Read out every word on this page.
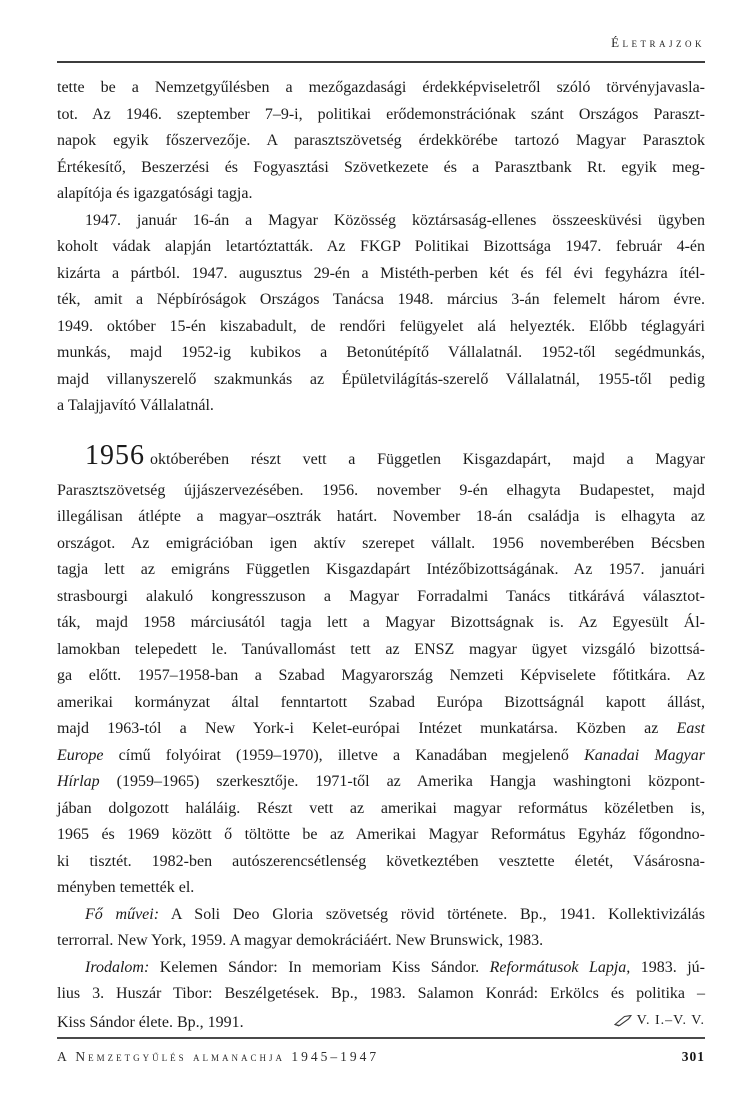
Életrajzok
tette be a Nemzetgyűlésben a mezőgazdasági érdekképviseletről szóló törvényjavasla-
tot. Az 1946. szeptember 7–9-i, politikai erődemonstrációnak szánt Országos Paraszt-
napok egyik főszervezője. A parasztszövetség érdekkörébe tartozó Magyar Parasztok
Értékesítő, Beszerzési és Fogyasztási Szövetkezete és a Parasztbank Rt. egyik meg-
alapítója és igazgatósági tagja.
1947. január 16-án a Magyar Közösség köztársaság-ellenes összeesküvési ügyben
koholt vádak alapján letartóztatták. Az FKGP Politikai Bizottsága 1947. február 4-én
kizárta a pártból. 1947. augusztus 29-én a Mistéth-perben két és fél évi fegyházra ítél-
ték, amit a Népbíróságok Országos Tanácsa 1948. március 3-án felemelt három évre.
1949. október 15-én kiszabadult, de rendőri felügyelet alá helyezték. Előbb téglagyári
munkás, majd 1952-ig kubikos a Betonútépítő Vállalatnál. 1952-től segédmunkás,
majd villanyszerelő szakmunkás az Épületvilágítás-szerelő Vállalatnál, 1955-től pedig
a Talajjavító Vállalatnál.
1956 októberében részt vett a Független Kisgazdapárt, majd a Magyar
Parasztszövetség újjászervezésében. 1956. november 9-én elhagyta Budapestet, majd
illegálisan átlépte a magyar–osztrák határt. November 18-án családja is elhagyta az
országot. Az emigrációban igen aktív szerepet vállalt. 1956 novemberében Bécsben
tagja lett az emigráns Független Kisgazdapárt Intézőbizottságának. Az 1957. januári
strasbourgi alakuló kongresszuson a Magyar Forradalmi Tanács titkárává választot-
ták, majd 1958 márciusától tagja lett a Magyar Bizottságnak is. Az Egyesült Ál-
lamokban telepedett le. Tanúvallomást tett az ENSZ magyar ügyet vizsgáló bizottsá-
ga előtt. 1957–1958-ban a Szabad Magyarország Nemzeti Képviselete főtitkára. Az
amerikai kormányzat által fenntartott Szabad Európa Bizottságnál kapott állást,
majd 1963-tól a New York-i Kelet-európai Intézet munkatársa. Közben az East
Europe című folyóirat (1959–1970), illetve a Kanadában megjelenő Kanadai Magyar
Hírlap (1959–1965) szerkesztője. 1971-től az Amerika Hangja washingtoni központ-
jában dolgozott haláláig. Részt vett az amerikai magyar református közéletben is,
1965 és 1969 között ő töltötte be az Amerikai Magyar Református Egyház főgondno-
ki tisztét. 1982-ben autószerencsétlenség következtében vesztette életét, Vásárosna-
ményben temették el.
Fő művei: A Soli Deo Gloria szövetség rövid története. Bp., 1941. Kollektivizálás
terrorral. New York, 1959. A magyar demokráciáért. New Brunswick, 1983.
Irodalom: Kelemen Sándor: In memoriam Kiss Sándor. Reformátusok Lapja, 1983. jú-
lius 3. Huszár Tibor: Beszélgetések. Bp., 1983. Salamon Konrád: Erkölcs és politika –
Kiss Sándor élete. Bp., 1991.	V. I.–V. V.
A Nemzetgyűlés almanachja 1945–1947	301
